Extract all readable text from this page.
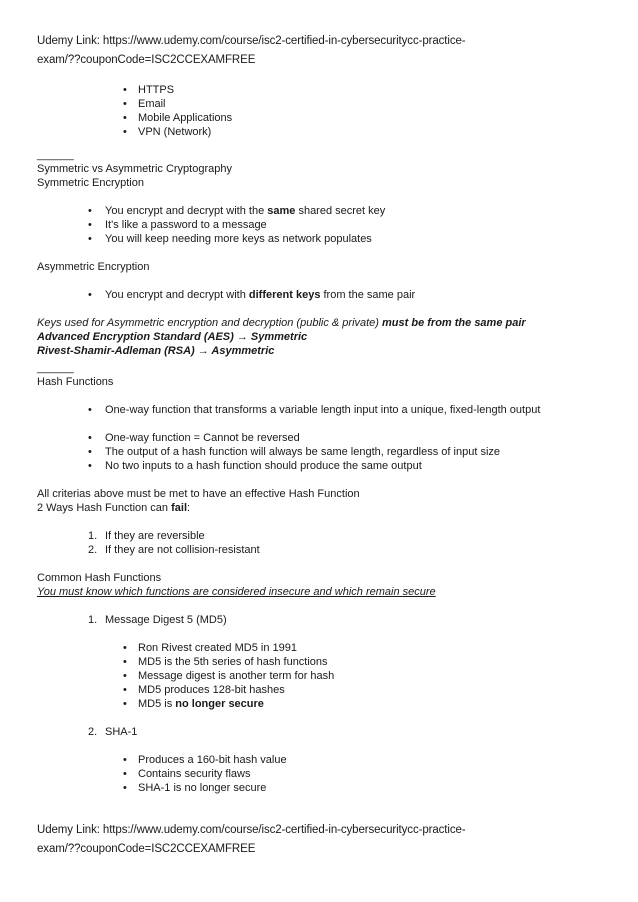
Udemy Link: https://www.udemy.com/course/isc2-certified-in-cybersecuritycc-practice-
exam/??couponCode=ISC2CCEXAMFREE
• HTTPS
• Email
• Mobile Applications
• VPN (Network)
______
Symmetric vs Asymmetric Cryptography
Symmetric Encryption
• You encrypt and decrypt with the same shared secret key
• It's like a password to a message
• You will keep needing more keys as network populates
Asymmetric Encryption
• You encrypt and decrypt with different keys from the same pair
Keys used for Asymmetric encryption and decryption (public & private) must be from the same pair
Advanced Encryption Standard (AES) → Symmetric
Rivest-Shamir-Adleman (RSA) → Asymmetric
______
Hash Functions
• One-way function that transforms a variable length input into a unique, fixed-length output
• One-way function = Cannot be reversed
• The output of a hash function will always be same length, regardless of input size
• No two inputs to a hash function should produce the same output
All criterias above must be met to have an effective Hash Function
2 Ways Hash Function can fail:
1. If they are reversible
2. If they are not collision-resistant
Common Hash Functions
You must know which functions are considered insecure and which remain secure
1. Message Digest 5 (MD5)
• Ron Rivest created MD5 in 1991
• MD5 is the 5th series of hash functions
• Message digest is another term for hash
• MD5 produces 128-bit hashes
• MD5 is no longer secure
2. SHA-1
• Produces a 160-bit hash value
• Contains security flaws
• SHA-1 is no longer secure
Udemy Link: https://www.udemy.com/course/isc2-certified-in-cybersecuritycc-practice-
exam/??couponCode=ISC2CCEXAMFREE
